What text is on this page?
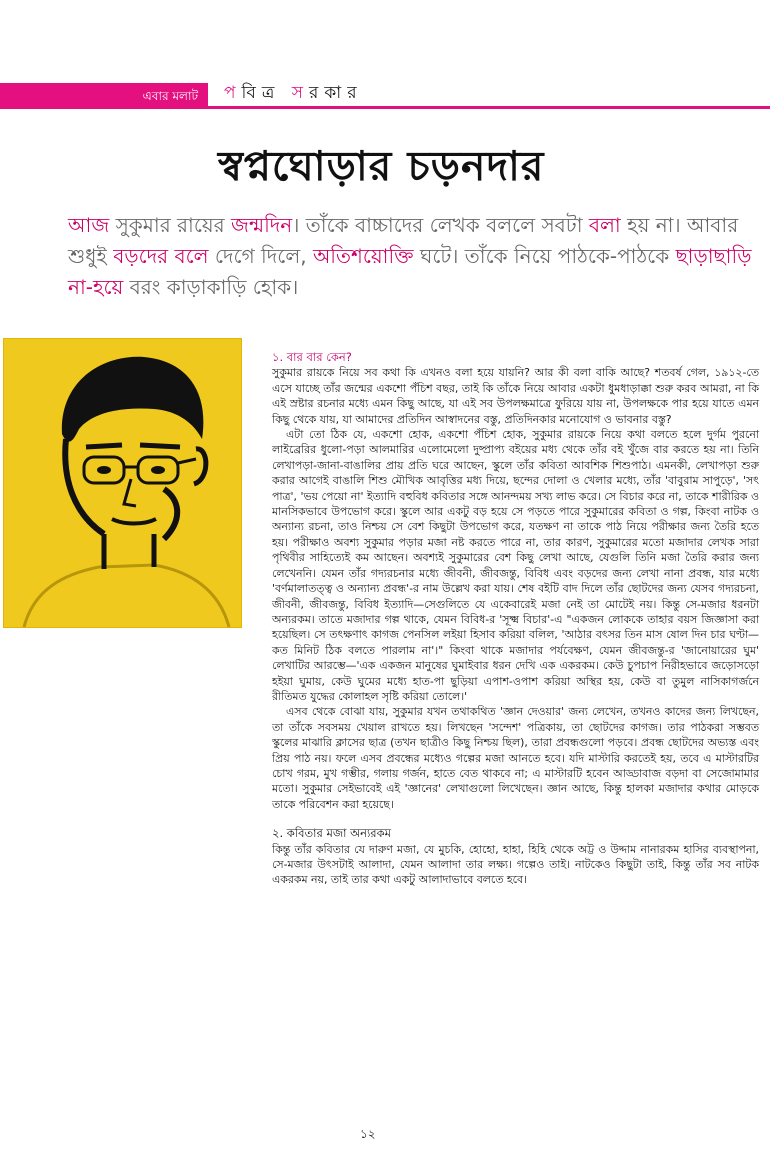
এবার মলাট পবিত্র সরকার
স্বপ্নঘোড়ার চড়নদার
আজ সুকুমার রায়ের জন্মদিন। তাঁকে বাচ্চাদের লেখক বললে সবটা বলা হয় না। আবার শুধুই বড়দের বলে দেগে দিলে, অতিশয়োক্তি ঘটে। তাঁকে নিয়ে পাঠকে-পাঠকে ছাড়াছাড়ি না-হয়ে বরং কাড়াকাড়ি হোক।
১. বার বার কেন?

সুকুমার রায়কে নিয়ে সব কথা কি এখনও বলা হয়ে যায়নি? আর কী বলা বাকি আছে? শতবর্ষ গেল, ১৯১২-তে এসে যাচ্ছে তাঁর জন্মের একশো পঁচিশ বছর, তাই কি তাঁকে নিয়ে আবার একটা ধুমধাড়াক্কা শুরু করব আমরা, না কি এই স্রষ্টার রচনার মধ্যে এমন কিছু আছে, যা এই সব উপলক্ষমাত্রে ফুরিয়ে যায় না, উপলক্ষকে পার হয়ে যাতে এমন কিছু থেকে যায়, যা আমাদের প্রতিদিন আস্বাদনের বস্তু, প্রতিদিনকার মনোযোগ ও ভাবনার বস্তু?

এটা তো ঠিক যে, একশো হোক, একশো পঁচিশ হোক, সুকুমার রায়কে নিয়ে কথা বলতে হলে দুর্গম পুরনো লাইব্রেরির ধুলো-পড়া আলমারির এলোমেলো দুষ্প্রাপ্য বইয়ের মধ্য থেকে তাঁর বই খুঁজে বার করতে হয় না। তিনি লেখাপড়া-জানা-বাঙালির প্রায় প্রতি ঘরে আছেন, স্কুলে তাঁর কবিতা আবশিক শিশুপাঠ। এমনকী, লেখাপড়া শুরু করার আগেই বাঙালি শিশু মৌখিক আবৃত্তির মধ্য দিয়ে, ছন্দের দোলা ও খেলার মধ্যে, তাঁর 'বাবুরাম সাপুড়ে', 'সৎ পাত্র', 'ভয় পেয়ো না' ইত্যাদি বহুবিধ কবিতার সঙ্গে আনন্দময় সখ্য লাভ করে। সে বিচার করে না, তাকে শারীরিক ও মানসিকভাবে উপভোগ করে। স্কুলে আর একটু বড় হয়ে সে পড়তে পারে সুকুমারের কবিতা ও গল্প, কিংবা নাটক ও অন্যান্য রচনা, তাও নিশ্চয় সে বেশ কিছুটা উপভোগ করে, যতক্ষণ না তাকে পাঠ নিয়ে পরীক্ষার জন্য তৈরি হতে হয়। পরীক্ষাও অবশ্য সুকুমার পড়ার মজা নষ্ট করতে পারে না, তার কারণ, সুকুমারের মতো মজাদার লেখক সারা পৃথিবীর সাহিত্যেই কম আছেন। অবশ্যই সুকুমারের বেশ কিছু লেখা আছে, যেগুলি তিনি মজা তৈরি করার জন্য লেখেননি। যেমন তাঁর গদ্যরচনার মধ্যে জীবনী, জীবজন্তু, বিবিধ এবং বড়দের জন্য লেখা নানা প্রবন্ধ, যার মধ্যে 'বর্ণমালাতত্ত্ব ও অন্যান্য প্রবন্ধ'-র নাম উল্লেখ করা যায়। শেষ বইটি বাদ দিলে তাঁর ছোটদের জন্য যেসব গদ্যরচনা, জীবনী, জীবজন্তু, বিবিধ ইত্যাদি—সেগুলিতে যে একেবারেই মজা নেই তা মোটেই নয়। কিন্তু সে-মজার ধরনটা অন্যরকম। তাতে মজাদার গল্প থাকে, যেমন বিবিধ-র 'সূক্ষ্ম বিচার'-এ "একজন লোককে তাহার বয়স জিজ্ঞাসা করা হয়েছিল। সে তৎক্ষণাৎ কাগজ পেনসিল লইয়া হিসাব করিয়া বলিল, 'আঠার বৎসর তিন মাস ষোল দিন চার ঘণ্টা—কত মিনিট ঠিক বলতে পারলাম না'।" কিংবা থাকে মজাদার পর্যবেক্ষণ, যেমন জীবজন্তু-র 'জানোয়ারের ঘুম' লেখাটির আরম্ভে—'এক একজন মানুষের ঘুমাইবার ধরন দেখি এক একরকম। কেউ চুপচাপ নিরীহভাবে জড়োসড়ো হইয়া ঘুমায়, কেউ ঘুমের মধ্যে হাত-পা ছুড়িয়া এপাশ-ওপাশ করিয়া অস্থির হয়, কেউ বা তুমুল নাসিকাগর্জনে রীতিমত যুদ্ধের কোলাহল সৃষ্টি করিয়া তোলে।'

এসব থেকে বোঝা যায়, সুকুমার যখন তথাকথিত 'জ্ঞান দেওয়ার' জন্য লেখেন, তখনও কাদের জন্য লিখছেন, তা তাঁকে সবসময় খেয়াল রাখতে হয়। লিখছেন 'সন্দেশ' পত্রিকায়, তা ছোটদের কাগজ। তার পাঠকরা সম্ভবত স্কুলের মাঝারি ক্লাসের ছাত্র (তখন ছাত্রীও কিছু নিশ্চয় ছিল), তারা প্রবন্ধগুলো পড়বে। প্রবন্ধ ছোটদের অভ্যস্ত এবং প্রিয় পাঠ নয়। ফলে এসব প্রবন্ধের মধ্যেও গল্পের মজা আনতে হবে। যদি মাস্টারি করতেই হয়, তবে এ মাস্টারটির চোখ গরম, মুখ গম্ভীর, গলায় গর্জন, হাতে বেত থাকবে না; এ মাস্টারটি হবেন আড্ডাবাজ বড়দা বা সেজোমামার মতো। সুকুমার সেইভাবেই এই 'জ্ঞানের' লেখাগুলো লিখেছেন। জ্ঞান আছে, কিন্তু হালকা মজাদার কথার মোড়কে তাকে পরিবেশন করা হয়েছে।

২. কবিতার মজা অন্যরকম

কিন্তু তাঁর কবিতার যে দারুণ মজা, যে মুচকি, হোহো, হাহা, হিহি থেকে অট্ট ও উদ্দাম নানারকম হাসির ব্যবস্থাপনা, সে-মজার উৎসটাই আলাদা, যেমন আলাদা তার লক্ষ্য। গল্পেও তাই। নাটকেও কিছুটা তাই, কিন্তু তাঁর সব নাটক একরকম নয়, তাই তার কথা একটু আলাদাভাবে বলতে হবে।

১২
